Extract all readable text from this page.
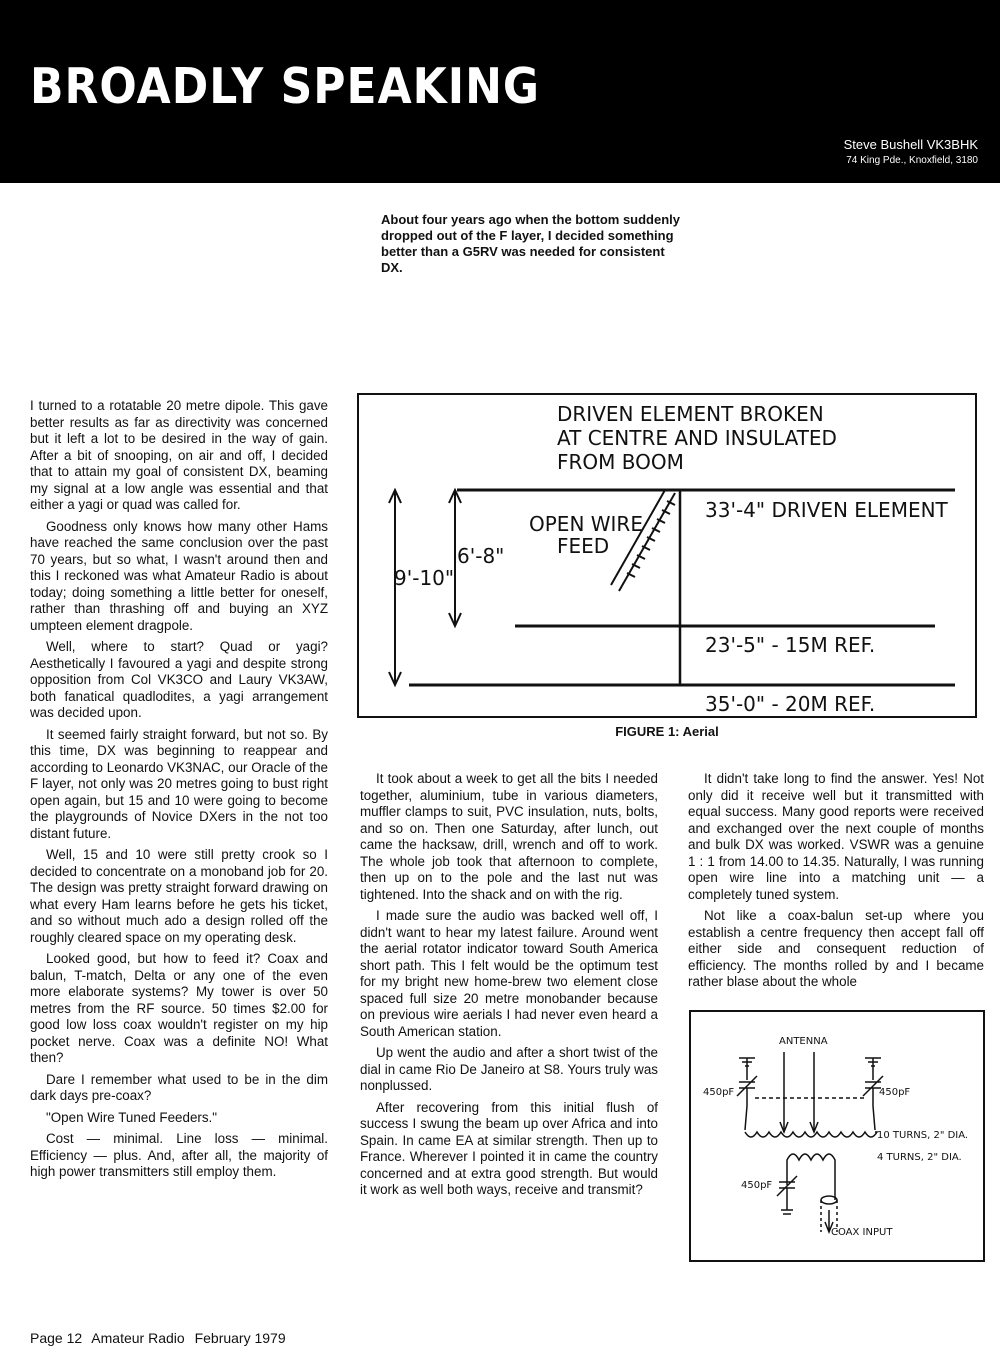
BROADLY SPEAKING
Steve Bushell VK3BHK
74 King Pde., Knoxfield, 3180
About four years ago when the bottom suddenly dropped out of the F layer, I decided something better than a G5RV was needed for consistent DX.

I turned to a rotatable 20 metre dipole. This gave better results as far as directivity was concerned but it left a lot to be desired in the way of gain. After a bit of snooping, on air and off, I decided that to attain my goal of consistent DX, beaming my signal at a low angle was essential and that either a yagi or quad was called for.

Goodness only knows how many other Hams have reached the same conclusion over the past 70 years, but so what, I wasn't around then and this I reckoned was what Amateur Radio is about today; doing something a little better for oneself, rather than thrashing off and buying an XYZ umpteen element dragpole.

Well, where to start? Quad or yagi? Aesthetically I favoured a yagi and despite strong opposition from Col VK3CO and Laury VK3AW, both fanatical quadlodites, a yagi arrangement was decided upon.

It seemed fairly straight forward, but not so. By this time, DX was beginning to reappear and according to Leonardo VK3NAC, our Oracle of the F layer, not only was 20 metres going to bust right open again, but 15 and 10 were going to become the playgrounds of Novice DXers in the not too distant future.

Well, 15 and 10 were still pretty crook so I decided to concentrate on a monoband job for 20. The design was pretty straight forward drawing on what every Ham learns before he gets his ticket, and so without much ado a design rolled off the roughly cleared space on my operating desk.

Looked good, but how to feed it? Coax and balun, T-match, Delta or any one of the even more elaborate systems? My tower is over 50 metres from the RF source. 50 times $2.00 for good low loss coax wouldn't register on my hip pocket nerve. Coax was a definite NO! What then?

Dare I remember what used to be in the dim dark days pre-coax?

"Open Wire Tuned Feeders."

Cost — minimal. Line loss — minimal. Efficiency — plus. And, after all, the majority of high power transmitters still employ them.

DRIVEN ELEMENT BROKEN
AT CENTRE AND INSULATED
FROM BOOM
OPEN WIRE
FEED
9'-10"
6'-8"
33'-4" DRIVEN ELEMENT
23'-5" - 15M REF.
35'-0" - 20M REF.
FIGURE 1: Aerial

It took about a week to get all the bits I needed together, aluminium, tube in various diameters, muffler clamps to suit, PVC insulation, nuts, bolts, and so on. Then one Saturday, after lunch, out came the hacksaw, drill, wrench and off to work. The whole job took that afternoon to complete, then up on to the pole and the last nut was tightened. Into the shack and on with the rig.

I made sure the audio was backed well off, I didn't want to hear my latest failure. Around went the aerial rotator indicator toward South America short path. This I felt would be the optimum test for my bright new home-brew two element close spaced full size 20 metre monobander because on previous wire aerials I had never even heard a South American station.

Up went the audio and after a short twist of the dial in came Rio De Janeiro at S8. Yours truly was nonplussed.

After recovering from this initial flush of success I swung the beam up over Africa and into Spain. In came EA at similar strength. Then up to France. Wherever I pointed it in came the country concerned and at extra good strength. But would it work as well both ways, receive and transmit?

It didn't take long to find the answer. Yes! Not only did it receive well but it transmitted with equal success. Many good reports were received and exchanged over the next couple of months and bulk DX was worked. VSWR was a genuine 1 : 1 from 14.00 to 14.35. Naturally, I was running open wire line into a matching unit — a completely tuned system.

Not like a coax-balun set-up where you establish a centre frequency then accept fall off either side and consequent reduction of efficiency. The months rolled by and I became rather blase about the whole

ANTENNA
450pF	450pF
10 TURNS, 2" DIA.
4 TURNS, 2" DIA.
450pF
COAX INPUT
Page 12 Amateur Radio February 1979
